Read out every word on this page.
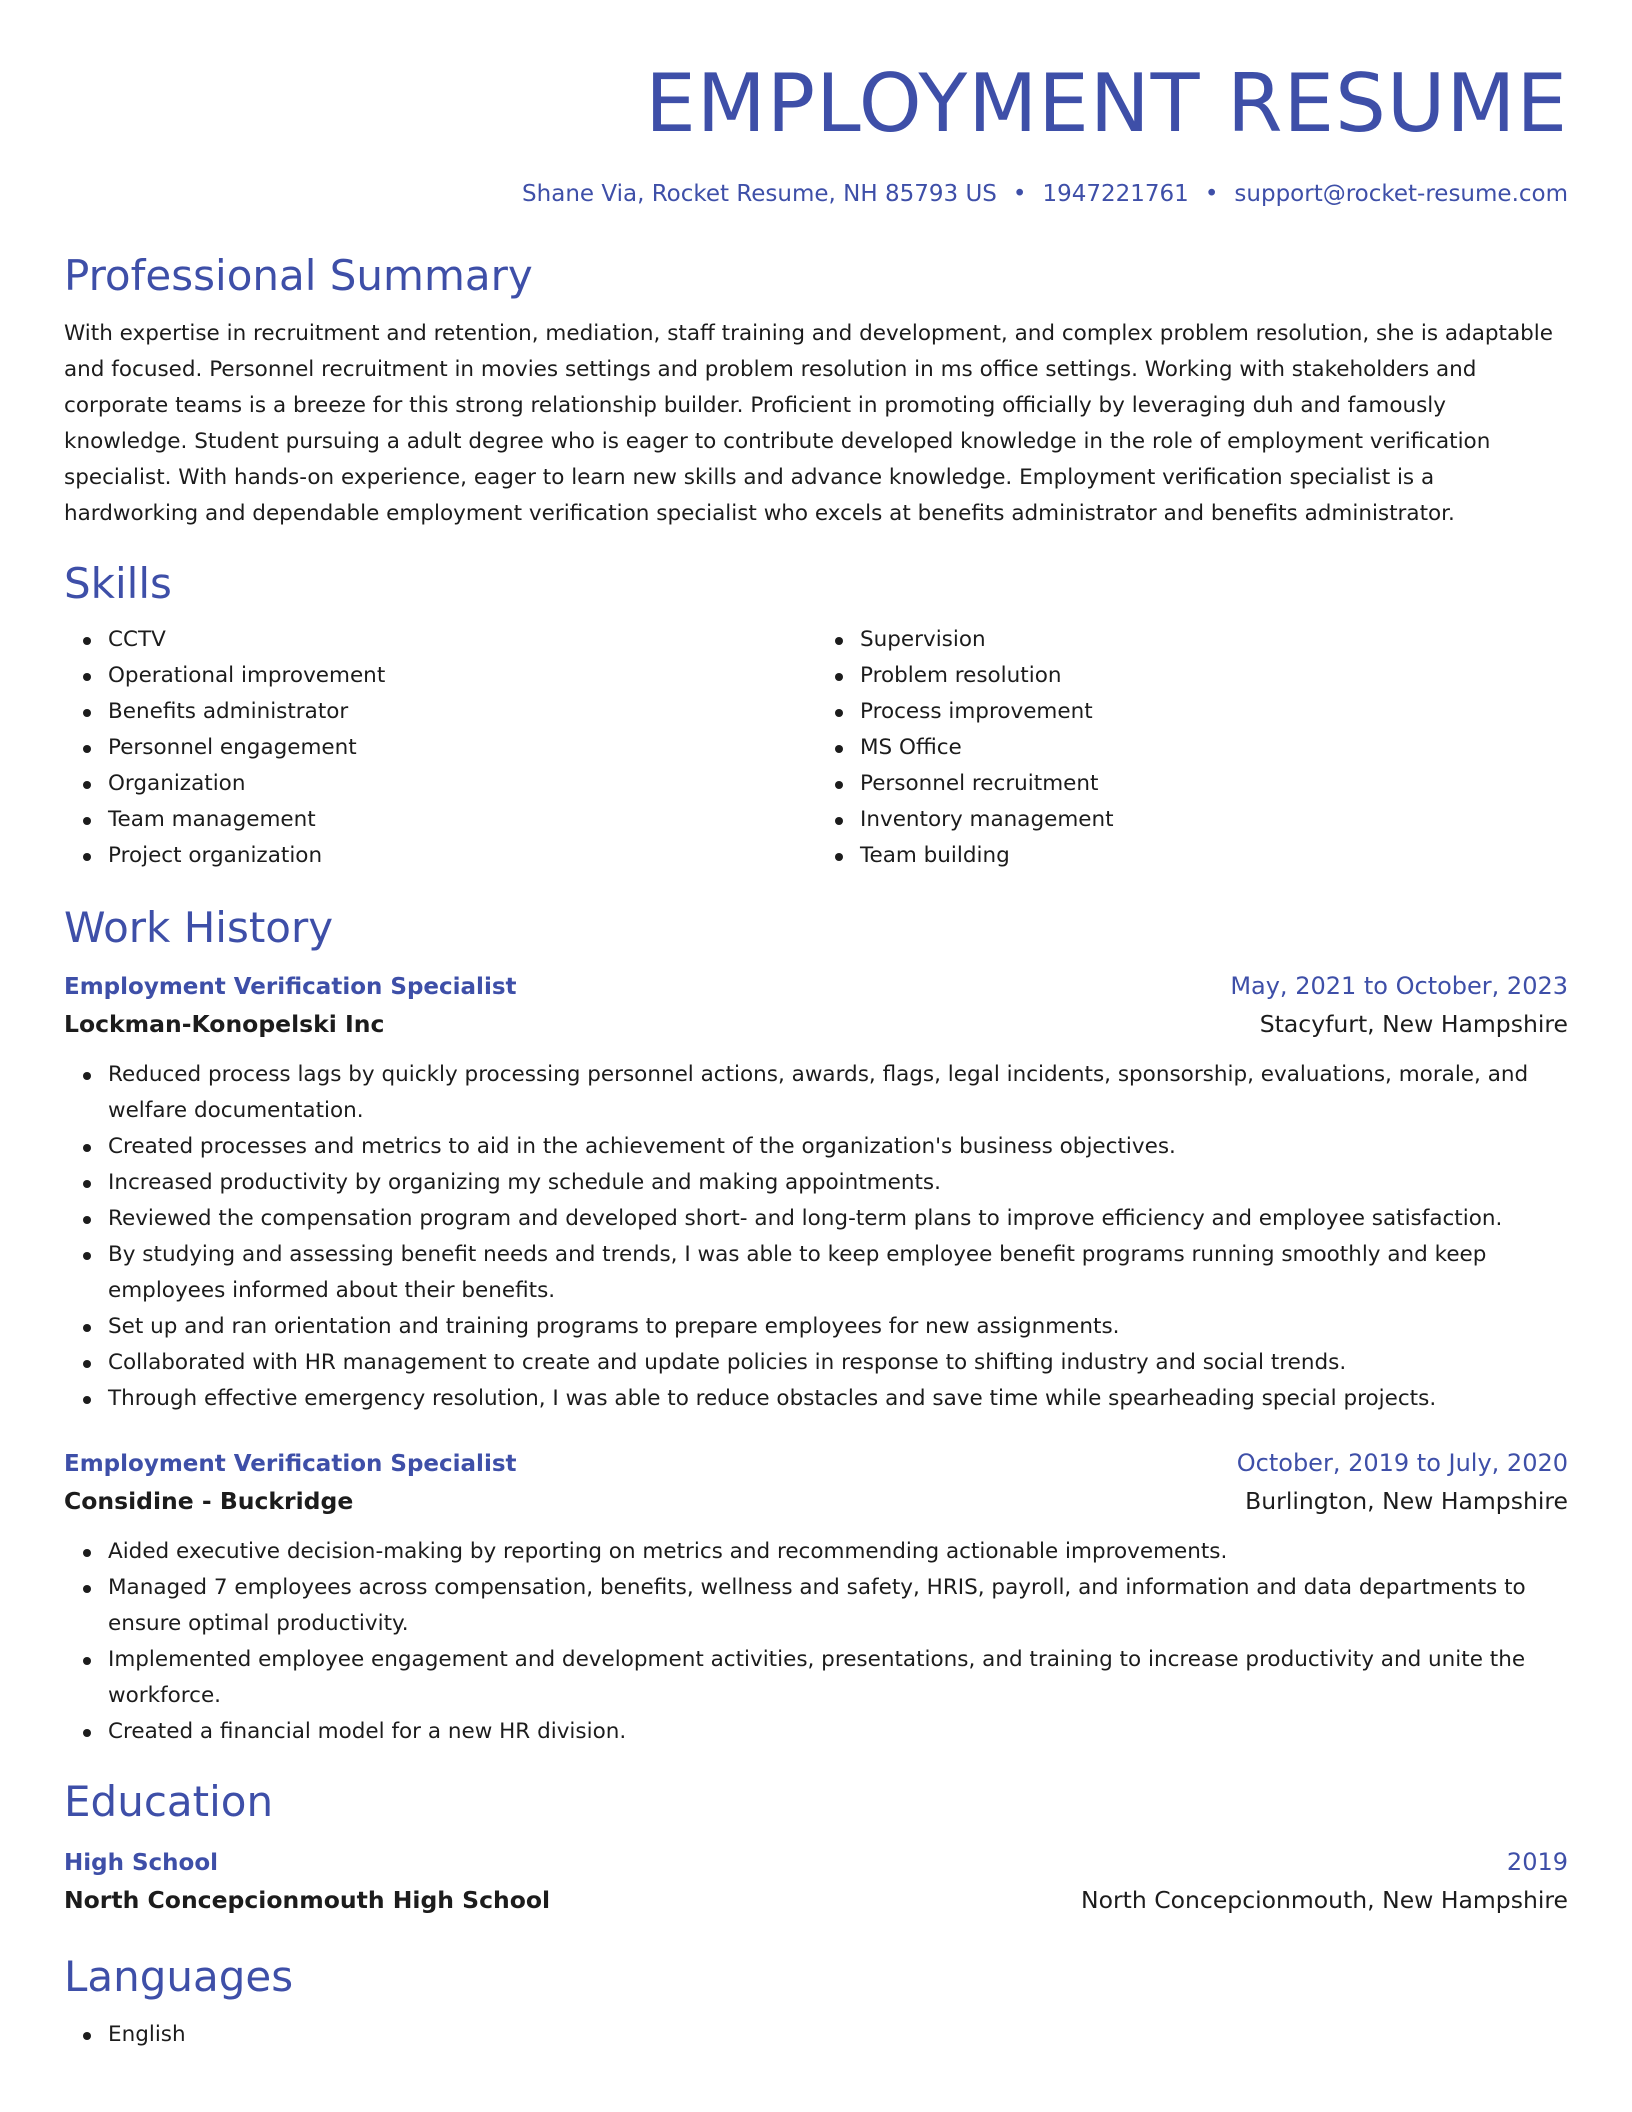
EMPLOYMENT RESUME
Shane Via, Rocket Resume, NH 85793 US • 1947221761 • support@rocket-resume.com
Professional Summary
With expertise in recruitment and retention, mediation, staff training and development, and complex problem resolution, she is adaptable and focused. Personnel recruitment in movies settings and problem resolution in ms office settings. Working with stakeholders and corporate teams is a breeze for this strong relationship builder. Proficient in promoting officially by leveraging duh and famously knowledge. Student pursuing a adult degree who is eager to contribute developed knowledge in the role of employment verification specialist. With hands-on experience, eager to learn new skills and advance knowledge. Employment verification specialist is a hardworking and dependable employment verification specialist who excels at benefits administrator and benefits administrator.
Skills
CCTV
Operational improvement
Benefits administrator
Personnel engagement
Organization
Team management
Project organization
Supervision
Problem resolution
Process improvement
MS Office
Personnel recruitment
Inventory management
Team building
Work History
Employment Verification Specialist	May, 2021 to October, 2023
Lockman-Konopelski Inc	Stacyfurt, New Hampshire
Reduced process lags by quickly processing personnel actions, awards, flags, legal incidents, sponsorship, evaluations, morale, and welfare documentation.
Created processes and metrics to aid in the achievement of the organization's business objectives.
Increased productivity by organizing my schedule and making appointments.
Reviewed the compensation program and developed short- and long-term plans to improve efficiency and employee satisfaction.
By studying and assessing benefit needs and trends, I was able to keep employee benefit programs running smoothly and keep employees informed about their benefits.
Set up and ran orientation and training programs to prepare employees for new assignments.
Collaborated with HR management to create and update policies in response to shifting industry and social trends.
Through effective emergency resolution, I was able to reduce obstacles and save time while spearheading special projects.
Employment Verification Specialist	October, 2019 to July, 2020
Considine - Buckridge	Burlington, New Hampshire
Aided executive decision-making by reporting on metrics and recommending actionable improvements.
Managed 7 employees across compensation, benefits, wellness and safety, HRIS, payroll, and information and data departments to ensure optimal productivity.
Implemented employee engagement and development activities, presentations, and training to increase productivity and unite the workforce.
Created a financial model for a new HR division.
Education
High School	2019
North Concepcionmouth High School	North Concepcionmouth, New Hampshire
Languages
English
